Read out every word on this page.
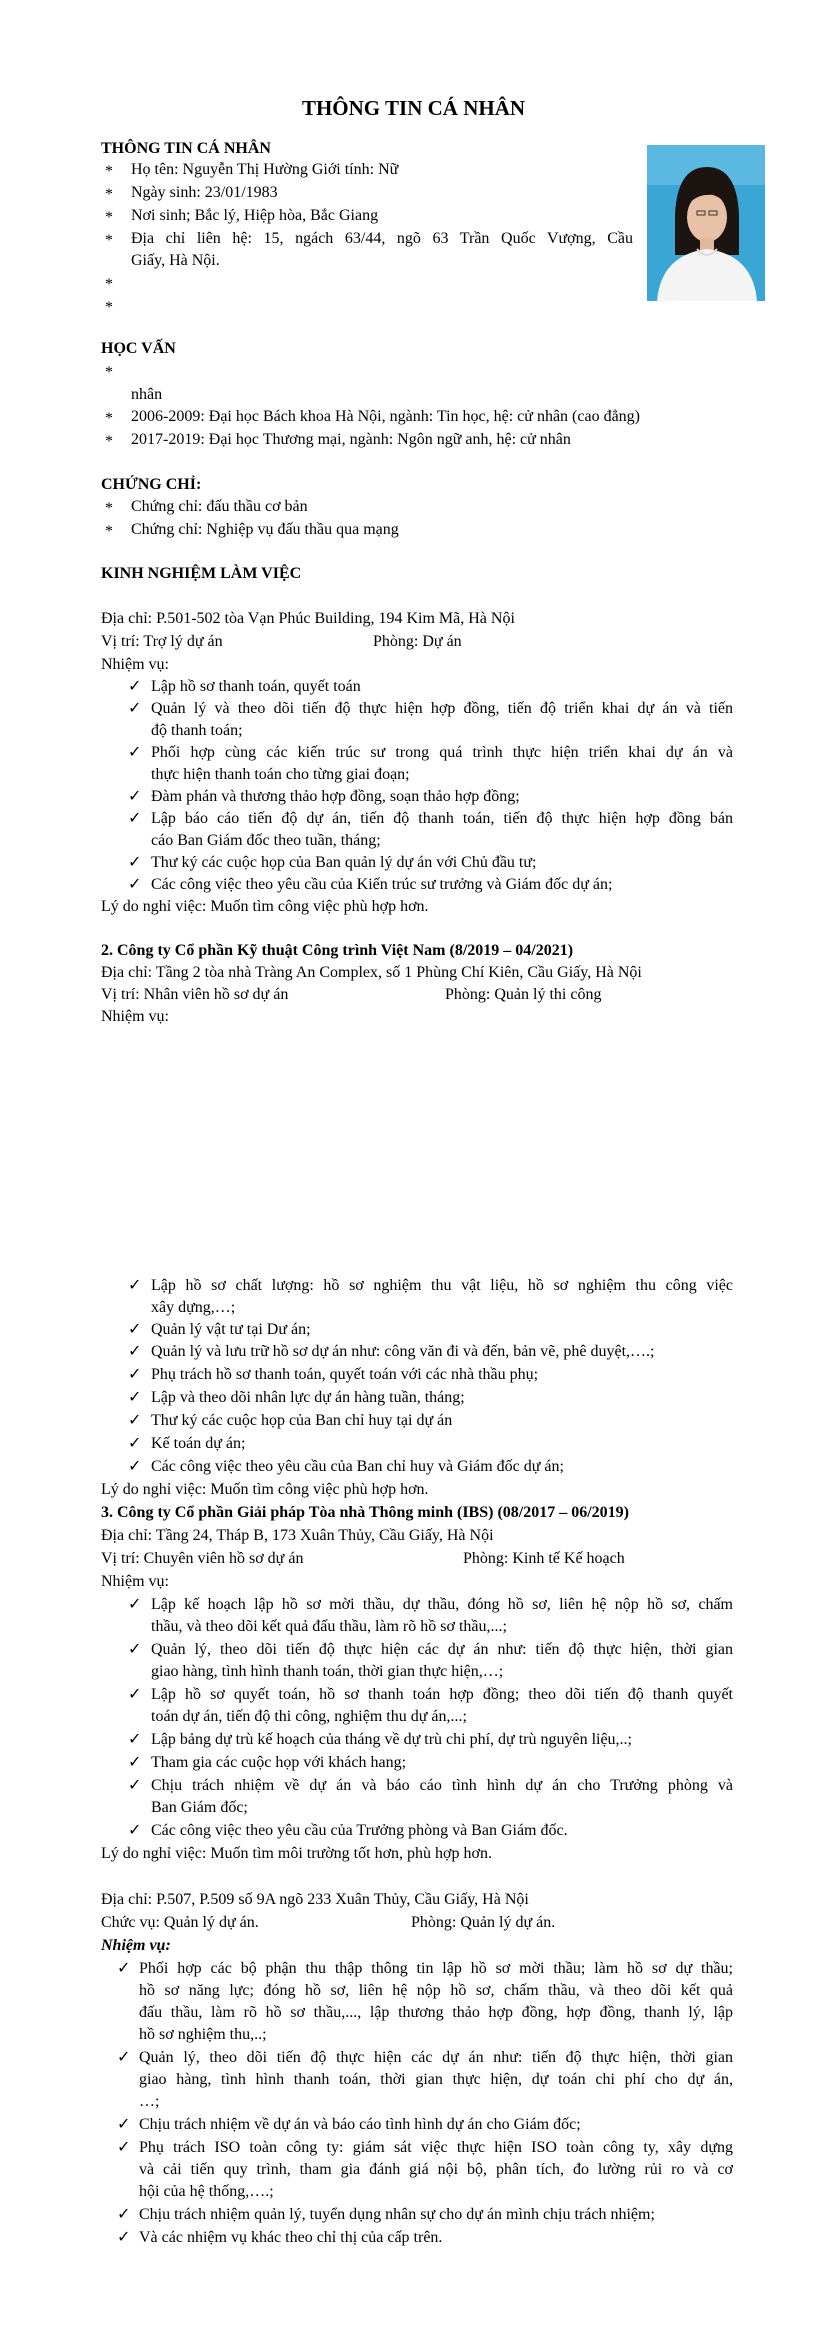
THÔNG TIN CÁ NHÂN
THÔNG TIN CÁ NHÂN
* Họ tên: Nguyễn Thị Hường Giới tính: Nữ
* Ngày sinh: 23/01/1983
* Nơi sinh; Bắc lý, Hiệp hòa, Bắc Giang
* Địa chỉ liên hệ: 15, ngách 63/44, ngõ 63 Trần Quốc Vượng, Cầu
Giấy, Hà Nội.
*
*
HỌC VẤN
*
nhân
* 2006-2009: Đại học Bách khoa Hà Nội, ngành: Tin học, hệ: cử nhân (cao đẳng)
* 2017-2019: Đại học Thương mại, ngành: Ngôn ngữ anh, hệ: cử nhân
CHỨNG CHỈ:
* Chứng chỉ: đấu thầu cơ bản
* Chứng chỉ: Nghiệp vụ đấu thầu qua mạng
KINH NGHIỆM LÀM VIỆC
Địa chỉ: P.501-502 tòa Vạn Phúc Building, 194 Kim Mã, Hà Nội
Vị trí: Trợ lý dự án	Phòng: Dự án
Nhiệm vụ:
✓ Lập hồ sơ thanh toán, quyết toán
✓ Quản lý và theo dõi tiến độ thực hiện hợp đồng, tiến độ triển khai dự án và tiến
độ thanh toán;
✓ Phối hợp cùng các kiến trúc sư trong quá trình thực hiện triển khai dự án và
thực hiện thanh toán cho từng giai đoạn;
✓ Đàm phán và thương thảo hợp đồng, soạn thảo hợp đồng;
✓ Lập báo cáo tiến độ dự án, tiến độ thanh toán, tiến độ thực hiện hợp đồng bán
cáo Ban Giám đốc theo tuần, tháng;
✓ Thư ký các cuộc họp của Ban quản lý dự án với Chủ đầu tư;
✓ Các công việc theo yêu cầu của Kiến trúc sư trưởng và Giám đốc dự án;
Lý do nghỉ việc: Muốn tìm công việc phù hợp hơn.
2. Công ty Cổ phần Kỹ thuật Công trình Việt Nam (8/2019 – 04/2021)
Địa chỉ: Tầng 2 tòa nhà Tràng An Complex, số 1 Phùng Chí Kiên, Cầu Giấy, Hà Nội
Vị trí: Nhân viên hồ sơ dự án	Phòng: Quản lý thi công
Nhiệm vụ:
✓ Lập hồ sơ chất lượng: hồ sơ nghiệm thu vật liệu, hồ sơ nghiệm thu công việc
xây dựng,…;
✓ Quản lý vật tư tại Dư án;
✓ Quản lý và lưu trữ hồ sơ dự án như: công văn đi và đến, bản vẽ, phê duyệt,….;
✓ Phụ trách hồ sơ thanh toán, quyết toán với các nhà thầu phụ;
✓ Lập và theo dõi nhân lực dự án hàng tuần, tháng;
✓ Thư ký các cuộc họp của Ban chỉ huy tại dự án
✓ Kế toán dự án;
✓ Các công việc theo yêu cầu của Ban chỉ huy và Giám đốc dự án;
Lý do nghỉ việc: Muốn tìm công việc phù hợp hơn.
3. Công ty Cổ phần Giải pháp Tòa nhà Thông minh (IBS) (08/2017 – 06/2019)
Địa chỉ: Tầng 24, Tháp B, 173 Xuân Thủy, Cầu Giấy, Hà Nội
Vị trí: Chuyên viên hồ sơ dự án	Phòng: Kinh tế Kế hoạch
Nhiệm vụ:
✓ Lập kế hoạch lập hồ sơ mời thầu, dự thầu, đóng hồ sơ, liên hệ nộp hồ sơ, chấm
thầu, và theo dõi kết quả đấu thầu, làm rõ hồ sơ thầu,...;
✓ Quản lý, theo dõi tiến độ thực hiện các dự án như: tiến độ thực hiện, thời gian
giao hàng, tình hình thanh toán, thời gian thực hiện,…;
✓ Lập hồ sơ quyết toán, hồ sơ thanh toán hợp đồng; theo dõi tiến độ thanh quyết
toán dự án, tiến độ thi công, nghiệm thu dự án,...;
✓ Lập bảng dự trù kế hoạch của tháng về dự trù chi phí, dự trù nguyên liệu,..;
✓ Tham gia các cuộc họp với khách hang;
✓ Chịu trách nhiệm về dự án và báo cáo tình hình dự án cho Trưởng phòng và
Ban Giám đốc;
✓ Các công việc theo yêu cầu của Trưởng phòng và Ban Giám đốc.
Lý do nghỉ việc: Muốn tìm môi trường tốt hơn, phù hợp hơn.
Địa chỉ: P.507, P.509 số 9A ngõ 233 Xuân Thủy, Cầu Giấy, Hà Nội
Chức vụ: Quản lý dự án.	Phòng: Quản lý dự án.
Nhiệm vụ:
✓ Phối hợp các bộ phận thu thập thông tin lập hồ sơ mời thầu; làm hồ sơ dự thầu;
hồ sơ năng lực; đóng hồ sơ, liên hệ nộp hồ sơ, chấm thầu, và theo dõi kết quả
đấu thầu, làm rõ hồ sơ thầu,..., lập thương thảo hợp đồng, hợp đồng, thanh lý, lập
hồ sơ nghiệm thu,..;
✓ Quản lý, theo dõi tiến độ thực hiện các dự án như: tiến độ thực hiện, thời gian
giao hàng, tình hình thanh toán, thời gian thực hiện, dự toán chi phí cho dự án,
…;
✓ Chịu trách nhiệm về dự án và báo cáo tình hình dự án cho Giám đốc;
✓ Phụ trách ISO toàn công ty: giám sát việc thực hiện ISO toàn công ty, xây dựng
và cải tiến quy trình, tham gia đánh giá nội bộ, phân tích, đo lường rủi ro và cơ
hội của hệ thống,….;
✓ Chịu trách nhiệm quản lý, tuyển dụng nhân sự cho dự án mình chịu trách nhiệm;
✓ Và các nhiệm vụ khác theo chỉ thị của cấp trên.
